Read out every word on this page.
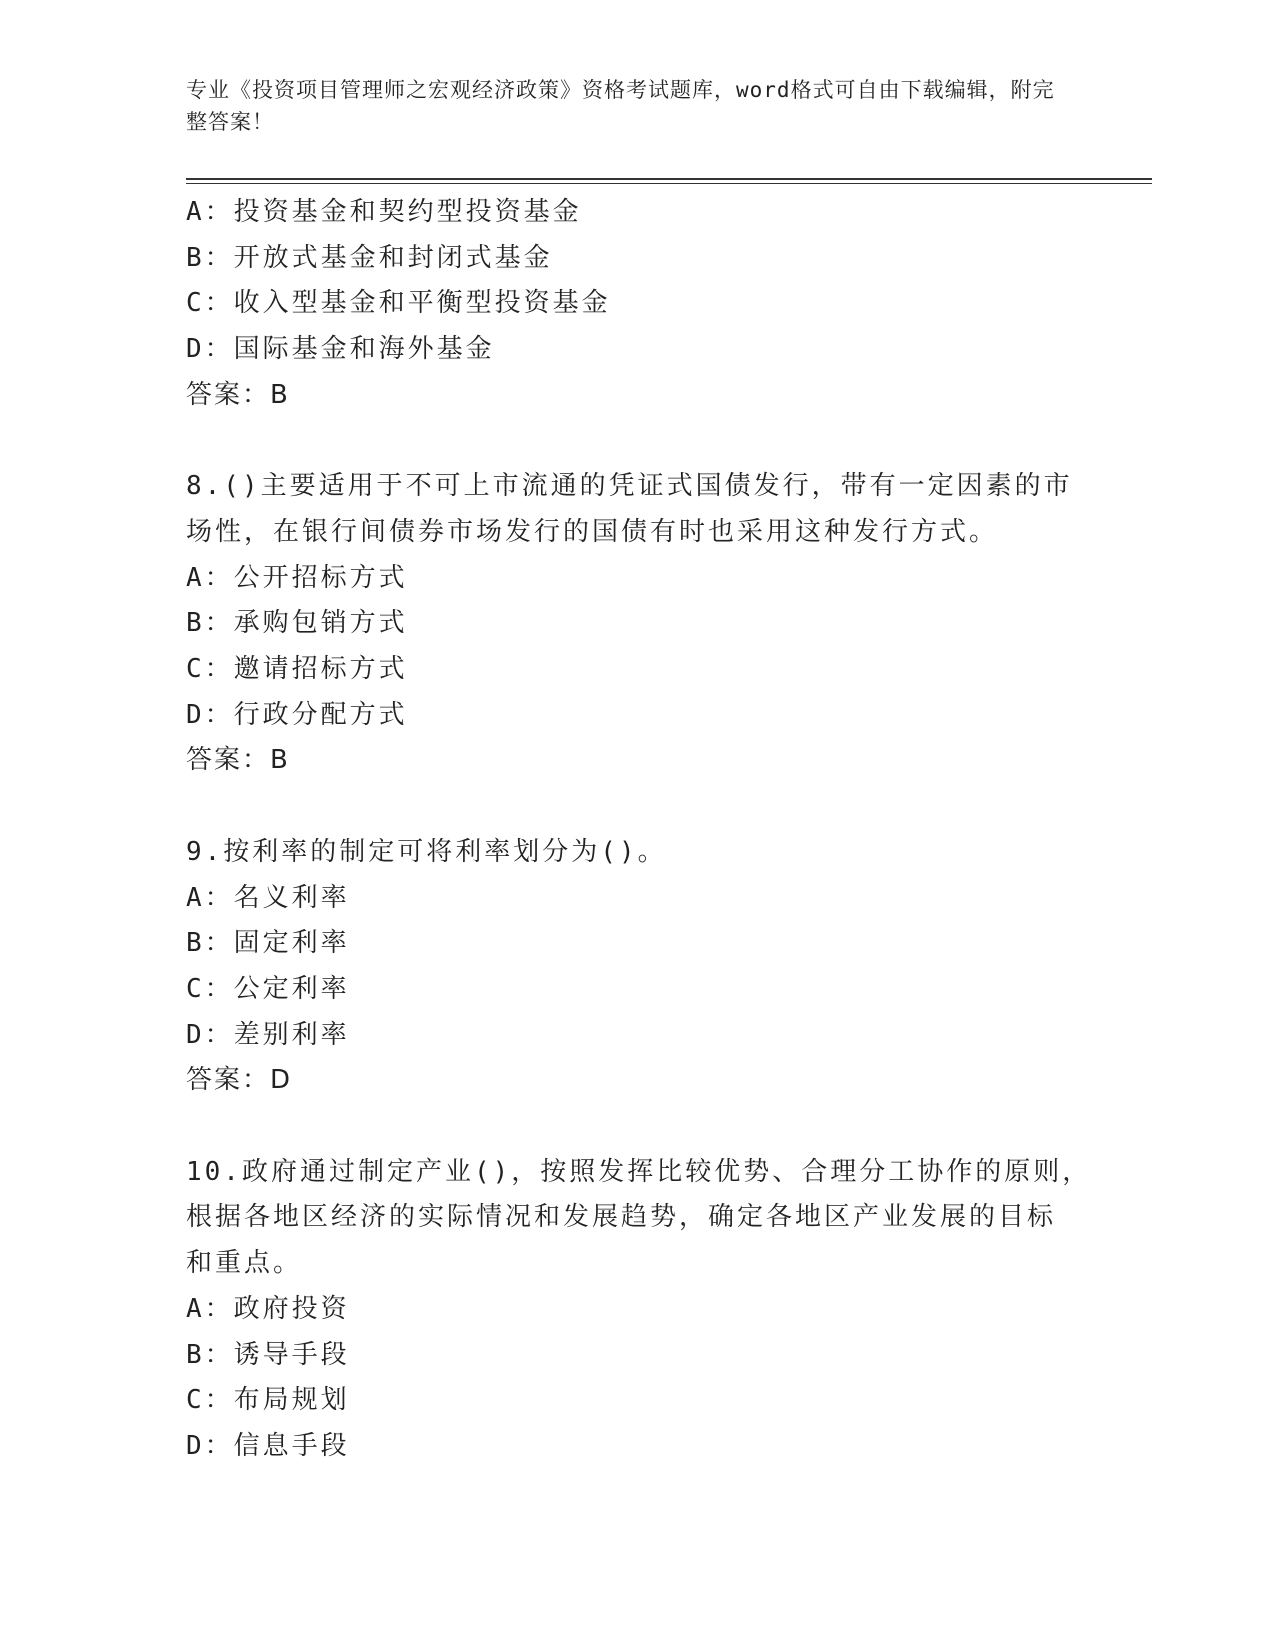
专业《投资项目管理师之宏观经济政策》资格考试题库，word格式可自由下载编辑，附完整答案！
A：投资基金和契约型投资基金
B：开放式基金和封闭式基金
C：收入型基金和平衡型投资基金
D：国际基金和海外基金
答案：B
8.()主要适用于不可上市流通的凭证式国债发行，带有一定因素的市
场性，在银行间债券市场发行的国债有时也采用这种发行方式。
A：公开招标方式
B：承购包销方式
C：邀请招标方式
D：行政分配方式
答案：B
9.按利率的制定可将利率划分为()。
A：名义利率
B：固定利率
C：公定利率
D：差别利率
答案：D
10.政府通过制定产业()，按照发挥比较优势、合理分工协作的原则，
根据各地区经济的实际情况和发展趋势，确定各地区产业发展的目标
和重点。
A：政府投资
B：诱导手段
C：布局规划
D：信息手段
